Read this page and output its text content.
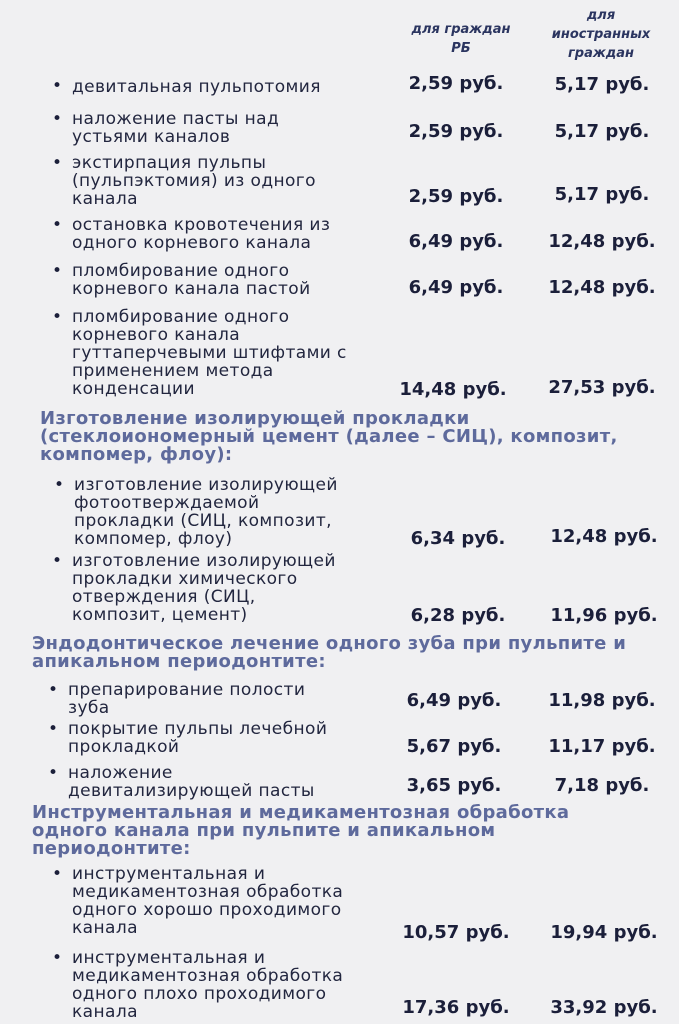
для граждан
РБ
для
иностранных
граждан
• девитальная пульпотомия	2,59 руб.	5,17 руб.
• наложение пасты над
устьями каналов	2,59 руб.	5,17 руб.
• экстирпация пульпы
(пульпэктомия) из одного
канала	2,59 руб.	5,17 руб.
• остановка кровотечения из
одного корневого канала	6,49 руб.	12,48 руб.
• пломбирование одного
корневого канала пастой	6,49 руб.	12,48 руб.
• пломбирование одного
корневого канала
гуттаперчевыми штифтами с
применением метода
конденсации	14,48 руб.	27,53 руб.
Изготовление изолирующей прокладки
(стеклоиономерный цемент (далее – СИЦ), композит,
компомер, флоу):
• изготовление изолирующей
фотоотверждаемой
прокладки (СИЦ, композит,
компомер, флоу)	6,34 руб.	12,48 руб.
• изготовление изолирующей
прокладки химического
отверждения (СИЦ,
композит, цемент)	6,28 руб.	11,96 руб.
Эндодонтическое лечение одного зуба при пульпите и
апикальном периодонтите:
• препарирование полости
зуба	6,49 руб.	11,98 руб.
• покрытие пульпы лечебной
прокладкой	5,67 руб.	11,17 руб.
• наложение
девитализирующей пасты	3,65 руб.	7,18 руб.
Инструментальная и медикаментозная обработка
одного канала при пульпите и апикальном
периодонтите:
• инструментальная и
медикаментозная обработка
одного хорошо проходимого
канала	10,57 руб.	19,94 руб.
• инструментальная и
медикаментозная обработка
одного плохо проходимого
канала	17,36 руб.	33,92 руб.
